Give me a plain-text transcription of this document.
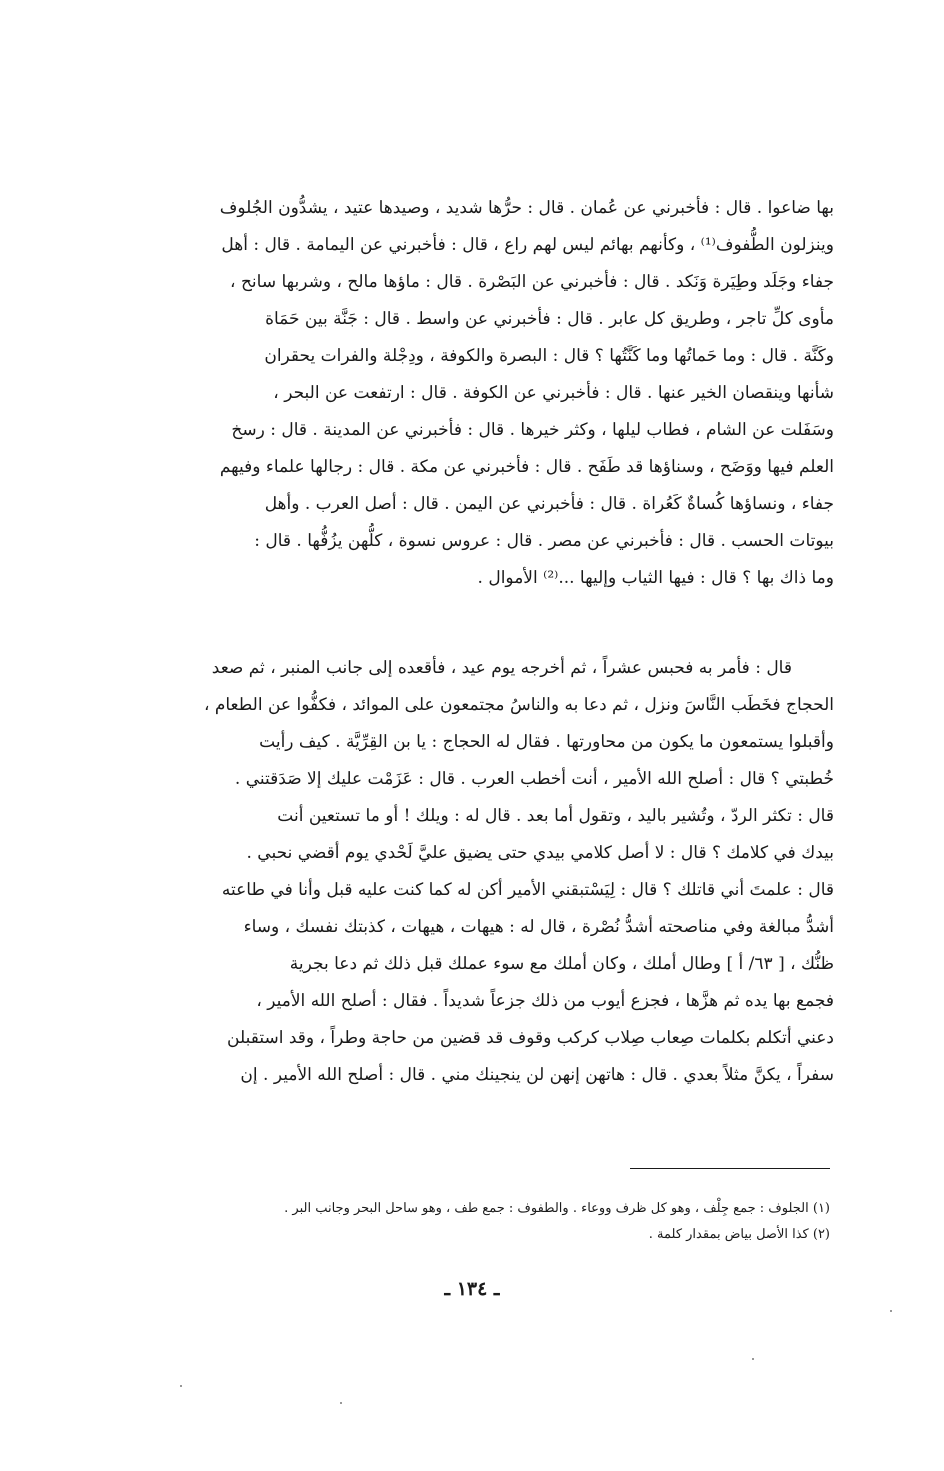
بها ضاعوا . قال : فأخبرني عن عُمان . قال : حرُّها شديد ، وصيدها عتيد ، يشدُّون الجُلوف
وينزلون الطُّفوف⁽¹⁾ ، وكأنهم بهائم ليس لهم راع ، قال : فأخبرني عن اليمامة . قال : أهل
جفاء وجَلَد وطِيَرة وَنَكد . قال : فأخبرني عن البَصْرة . قال : ماؤها مالح ، وشربها سانح ،
مأوى كلِّ تاجر ، وطريق كل عابر . قال : فأخبرني عن واسط . قال : جَنَّة بين حَمَاة
وكَنَّة . قال : وما حَماتُها وما كَنَّتُها ؟ قال : البصرة والكوفة ، ودِجْلة والفرات يحقران
شأنها وينقصان الخير عنها . قال : فأخبرني عن الكوفة . قال : ارتفعت عن البحر ،
وسَفَلت عن الشام ، فطاب ليلها ، وكثر خيرها . قال : فأخبرني عن المدينة . قال : رسخ
العلم فيها ووَضَح ، وسناؤها قد طَفَح . قال : فأخبرني عن مكة . قال : رجالها علماء وفيهم
جفاء ، ونساؤها كُساةٌ كَعُراة . قال : فأخبرني عن اليمن . قال : أصل العرب . وأهل
بيوتات الحسب . قال : فأخبرني عن مصر . قال : عروس نسوة ، كلُّهن يزُفُّها . قال :
وما ذاك بها ؟ قال : فيها الثياب وإليها ...⁽²⁾ الأموال .
قال : فأمر به فحبس عشراً ، ثم أخرجه يوم عيد ، فأقعده إلى جانب المنبر ، ثم صعد
الحجاج فخَطَب النَّاسَ ونزل ، ثم دعا به والناسُ مجتمعون على الموائد ، فكفُّوا عن الطعام ،
وأقبلوا يستمعون ما يكون من محاورتها . فقال له الحجاج : يا بن القِرِّيَّة . كيف رأيت
خُطبتي ؟ قال : أصلح الله الأمير ، أنت أخطب العرب . قال : عَزَمْت عليك إلا صَدَقتني .
قال : تكثر الردّ ، وتُشير باليد ، وتقول أما بعد . قال له : ويلك ! أو ما تستعين أنت
بيدك في كلامك ؟ قال : لا أصل كلامي بيدي حتى يضيق عليَّ لَحْدي يوم أقضي نحبي .
قال : علمتَ أني قاتلك ؟ قال : لِيَسْتبقني الأمير أكن له كما كنت عليه قبل وأنا في طاعته
أشدُّ مبالغة وفي مناصحته أشدُّ نُصْرة ، قال له : هيهات ، هيهات ، كذبتك نفسك ، وساء
ظنُّك ، [ ٦٣/ أ ] وطال أملك ، وكان أملك مع سوء عملك قبل ذلك ثم دعا بجرية
فجمع بها يده ثم هزَّها ، فجزع أيوب من ذلك جزعاً شديداً . فقال : أصلح الله الأمير ،
دعني أتكلم بكلمات صِعاب صِلاب كركب وقوف قد قضين من حاجة وطراً ، وقد استقبلن
سفراً ، يكنَّ مثلاً بعدي . قال : هاتهن إنهن لن ينجينك مني . قال : أصلح الله الأمير . إن
(١) الجلوف : جمع جِلْف ، وهو كل ظرف ووعاء . والطفوف : جمع طف ، وهو ساحل البحر وجانب البر .
(٢) كذا الأصل بياض بمقدار كلمة .
ـ ١٣٤ ـ
